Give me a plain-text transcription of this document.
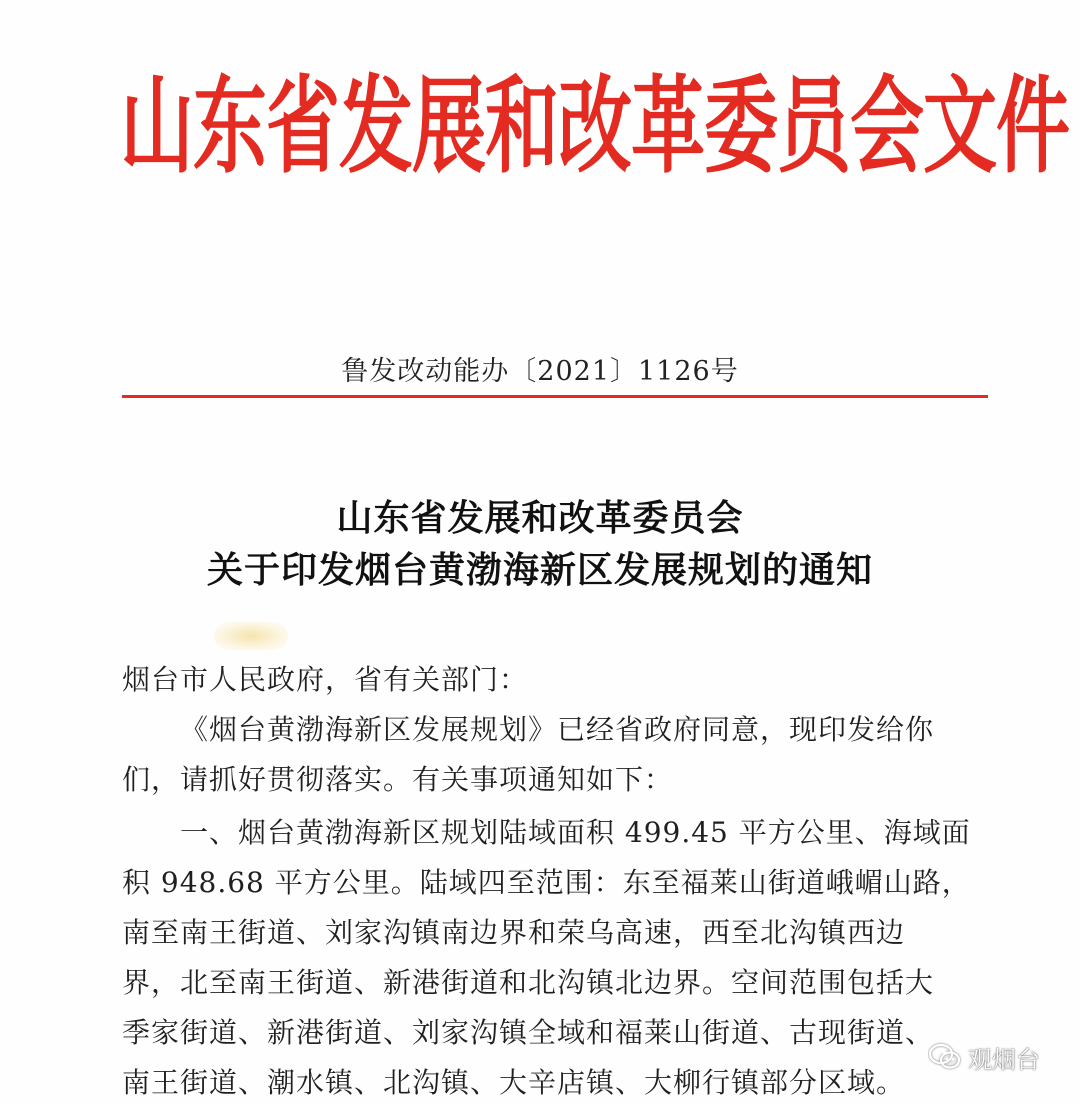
山东省发展和改革委员会文件
鲁发改动能办〔2021〕1126号
山东省发展和改革委员会
关于印发烟台黄渤海新区发展规划的通知
烟台市人民政府，省有关部门：
《烟台黄渤海新区发展规划》已经省政府同意，现印发给你
们，请抓好贯彻落实。有关事项通知如下：
一、烟台黄渤海新区规划陆域面积 499.45 平方公里、海域面
积 948.68 平方公里。陆域四至范围：东至福莱山街道峨嵋山路，
南至南王街道、刘家沟镇南边界和荣乌高速，西至北沟镇西边
界，北至南王街道、新港街道和北沟镇北边界。空间范围包括大
季家街道、新港街道、刘家沟镇全域和福莱山街道、古现街道、
南王街道、潮水镇、北沟镇、大辛店镇、大柳行镇部分区域。
观烟台
